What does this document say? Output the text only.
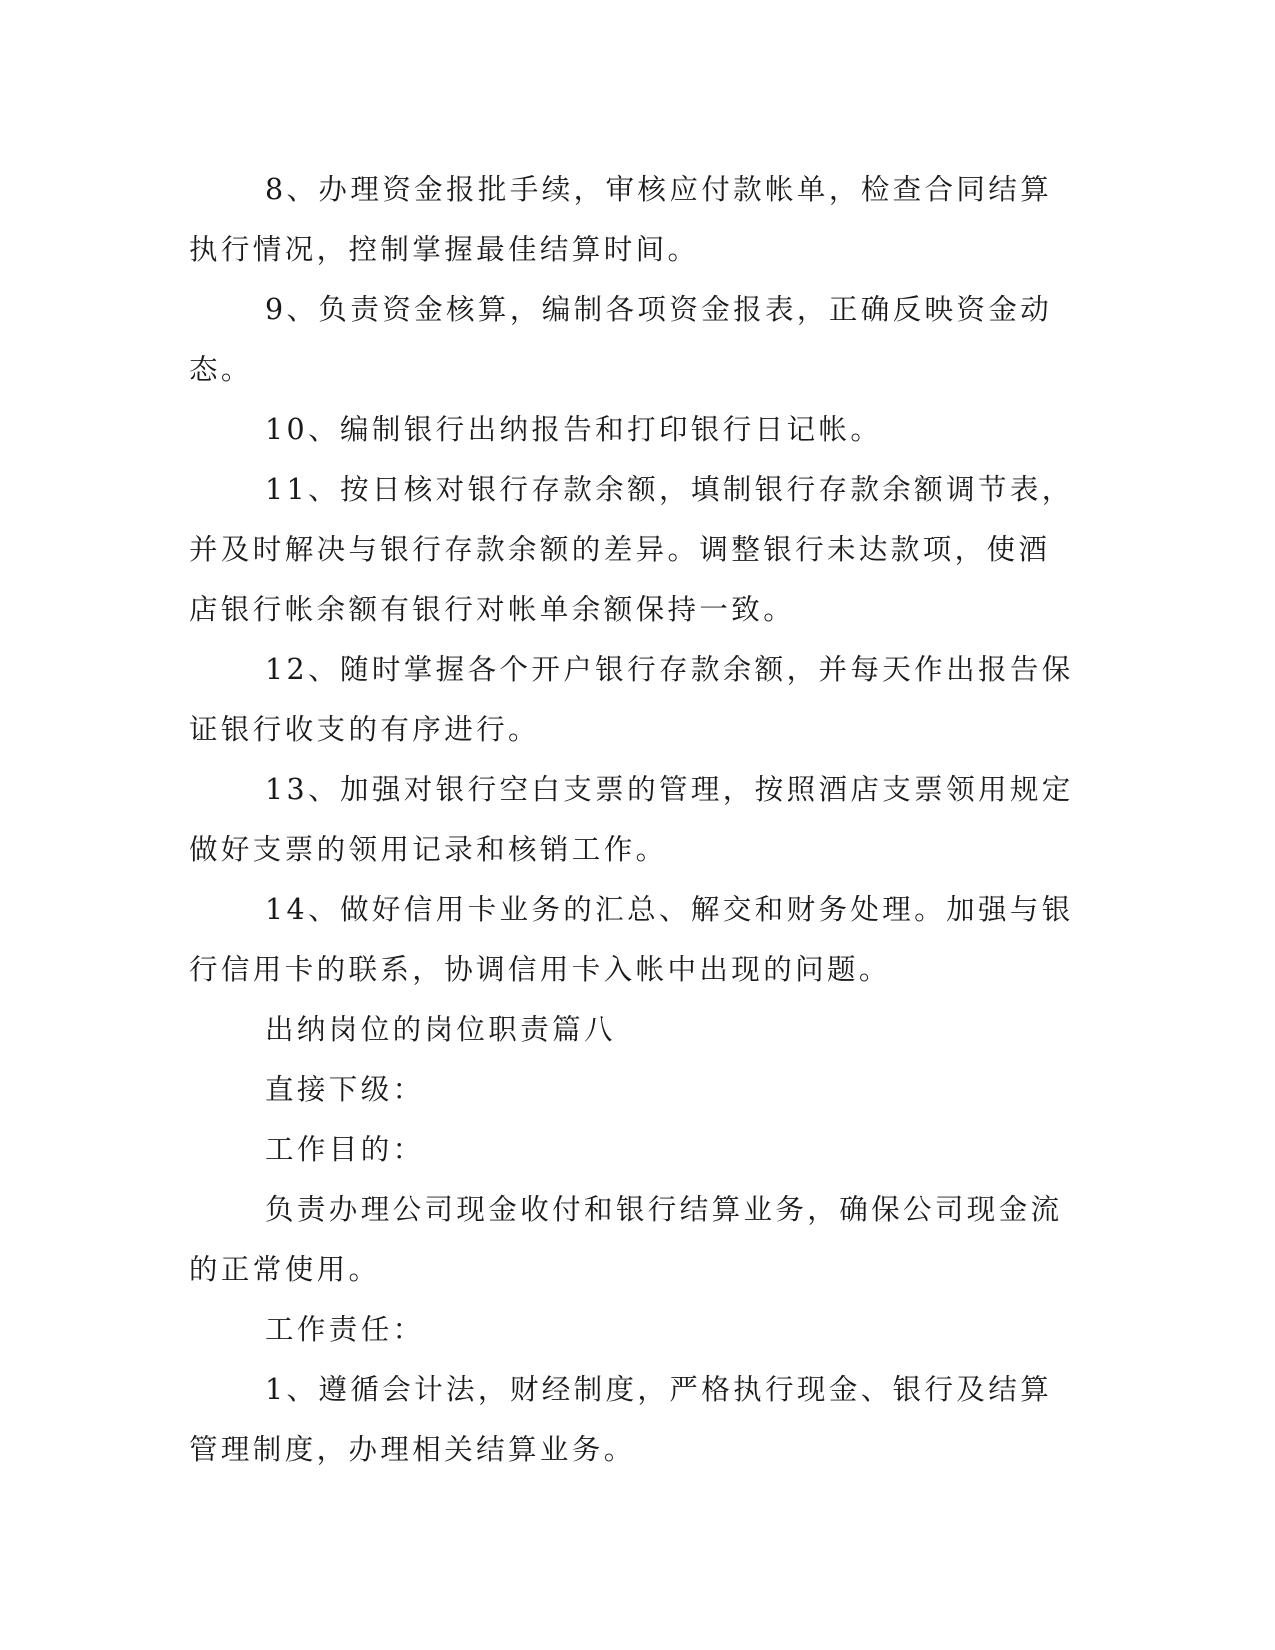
8、办理资金报批手续，审核应付款帐单，检查合同结算执行情况，控制掌握最佳结算时间。

9、负责资金核算，编制各项资金报表，正确反映资金动态。

10、编制银行出纳报告和打印银行日记帐。

11、按日核对银行存款余额，填制银行存款余额调节表，并及时解决与银行存款余额的差异。调整银行未达款项，使酒店银行帐余额有银行对帐单余额保持一致。

12、随时掌握各个开户银行存款余额，并每天作出报告保证银行收支的有序进行。

13、加强对银行空白支票的管理，按照酒店支票领用规定做好支票的领用记录和核销工作。

14、做好信用卡业务的汇总、解交和财务处理。加强与银行信用卡的联系，协调信用卡入帐中出现的问题。

出纳岗位的岗位职责篇八

直接下级：

工作目的：

负责办理公司现金收付和银行结算业务，确保公司现金流的正常使用。

工作责任：

1、遵循会计法，财经制度，严格执行现金、银行及结算管理制度，办理相关结算业务。
